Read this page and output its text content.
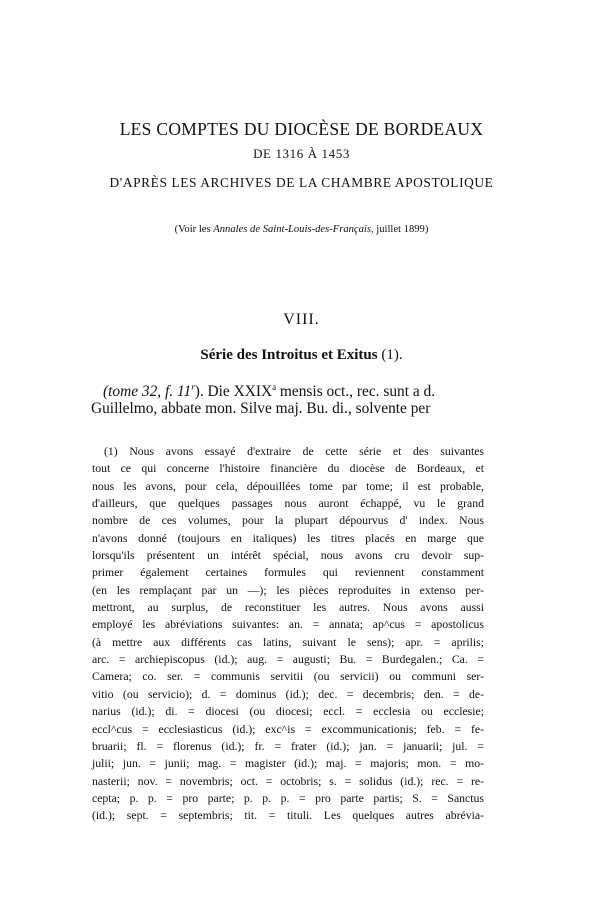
LES COMPTES DU DIOCÈSE DE BORDEAUX
DE 1316 À 1453
D'APRÈS LES ARCHIVES DE LA CHAMBRE APOSTOLIQUE
(Voir les Annales de Saint-Louis-des-Français, juillet 1899)
VIII.
Série des Introitus et Exitus (1).
(tome 32, f. 11$^r$). Die XXIX$^a$ mensis oct., rec. sunt a d.
Guillelmo, abbate mon. Silve maj. Bu. di., solvente per
(1) Nous avons essayé d'extraire de cette série et des suivantes
tout ce qui concerne l'histoire financière du diocèse de Bordeaux, et
nous les avons, pour cela, dépouillées tome par tome; il est probable,
d'ailleurs, que quelques passages nous auront échappé, vu le grand
nombre de ces volumes, pour la plupart dépourvus d' index. Nous
n'avons donné (toujours en italiques) les titres placés en marge que
lorsqu'ils présentent un intérêt spécial, nous avons cru devoir sup-
primer également certaines formules qui reviennent constamment
(en les remplaçant par un —); les pièces reproduites in extenso per-
mettront, au surplus, de reconstituer les autres. Nous avons aussi
employé les abréviations suivantes: an. = annata; ap^cus = apostolicus
(à mettre aux différents cas latins, suivant le sens); apr. = aprilis;
arc. = archiepiscopus (id.); aug. = augusti; Bu. = Burdegalen.; Ca. =
Camera; co. ser. = communis servitii (ou servicii) ou communi ser-
vitio (ou servicio); d. = dominus (id.); dec. = decembris; den. = de-
narius (id.); di. = diocesi (ou diocesi; eccl. = ecclesia ou ecclesie;
eccl^cus = ecclesiasticus (id.); exc^is = excommunicationis; feb. = fe-
bruarii; fl. = florenus (id.); fr. = frater (id.); jan. = januarii; jul. =
julii; jun. = junii; mag. = magister (id.); maj. = majoris; mon. = mo-
nasterii; nov. = novembris; oct. = octobris; s. = solidus (id.); rec. = re-
cepta; p. p. = pro parte; p. p. p. = pro parte partis; S. = Sanctus
(id.); sept. = septembris; tit. = tituli. Les quelques autres abrévia-
